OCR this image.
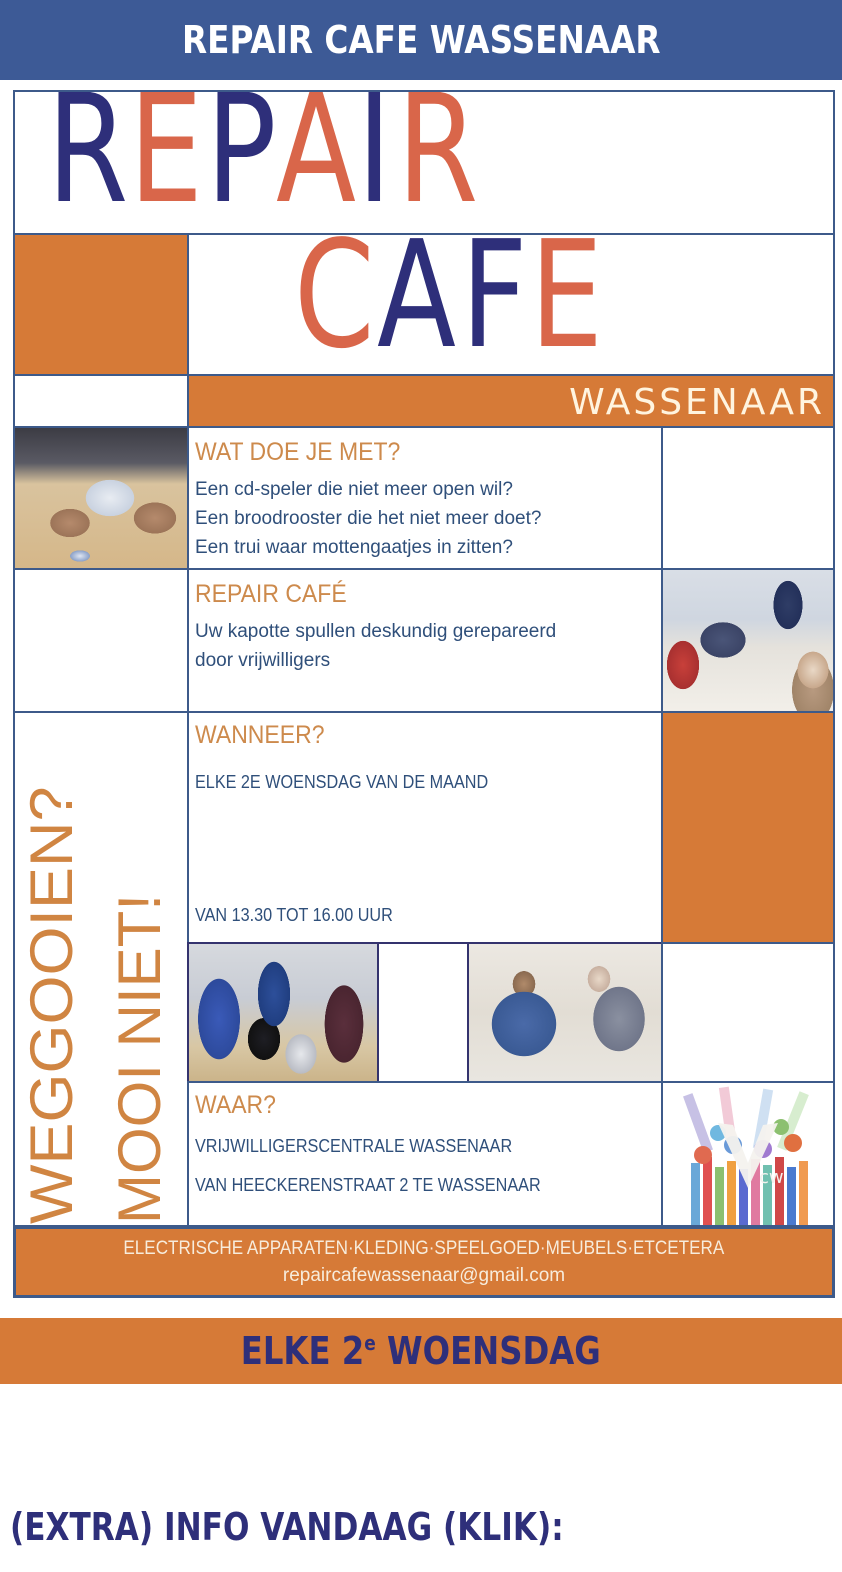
REPAIR CAFE WASSENAAR
R E P A I R
C A F E
WASSENAAR
WAT DOE JE MET?
Een cd-speler die niet meer open wil?
Een broodrooster die het niet meer doet?
Een trui waar mottengaatjes in zitten?
REPAIR CAFÉ
Uw kapotte spullen deskundig gerepareerd
door vrijwilligers
WEGGOOIEN? MOOI NIET!
WANNEER?
ELKE 2E WOENSDAG VAN DE MAAND
VAN 13.30 TOT 16.00 UUR
WAAR?
VRIJWILLIGERSCENTRALE WASSENAAR
VAN HEECKERENSTRAAT 2 TE WASSENAAR	cw
ELECTRISCHE APPARATEN·KLEDING·SPEELGOED·MEUBELS·ETCETERA
repaircafewassenaar@gmail.com
ELKE 2e WOENSDAG
(EXTRA) INFO VANDAAG (KLIK):
